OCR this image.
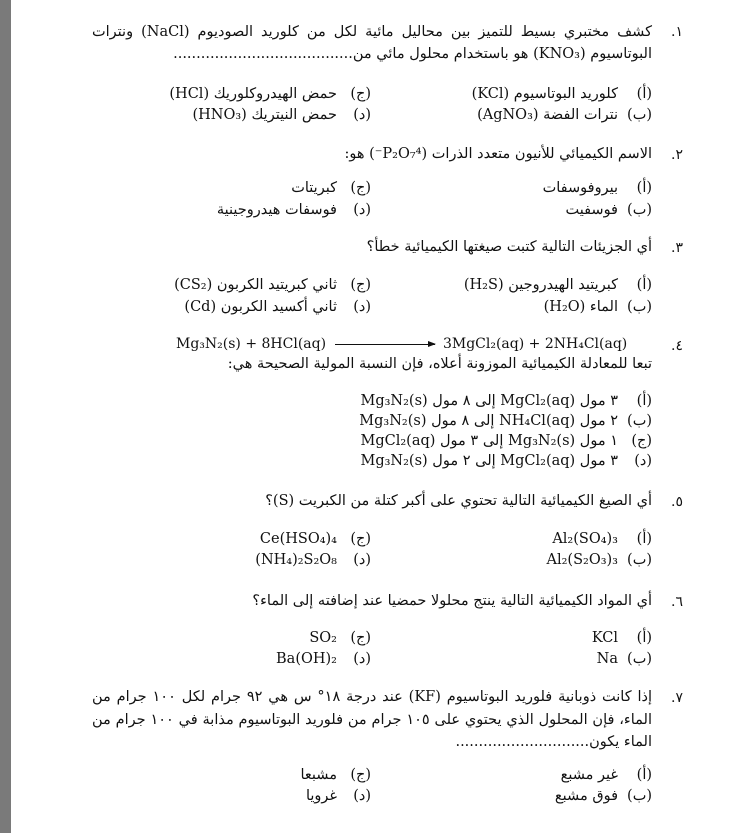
.١
كشف مختبري بسيط للتميز بين محاليل مائية لكل من كلوريد الصوديوم (NaCl) ونترات البوتاسيوم (KNO₃) هو باستخدام محلول مائي من.......................................
(أ)كلوريد البوتاسيوم (KCl)
(ب)نترات الفضة (AgNO₃)
(ج)حمض الهيدروكلوريك (HCl)
(د)حمض النيتريك (HNO₃)
.٢
الاسم الكيميائي للأنيون متعدد الذرات (P₂O₇⁴⁻) هو:
(أ)بيروفوسفات
(ب)فوسفيت
(ج)كبريتات
(د)فوسفات هيدروجينية
.٣
أي الجزيئات التالية كتبت صيغتها الكيميائية خطأ؟
(أ)كبريتيد الهيدروجين (H₂S)
(ب)الماء (H₂O)
(ج)ثاني كبريتيد الكربون (CS₂)
(د)ثاني أكسيد الكربون (Cd)
.٤
Mg₃N₂(s) + 8HCl(aq)	3MgCl₂(aq) + 2NH₄Cl(aq)
تبعا للمعادلة الكيميائية الموزونة أعلاه، فإن النسبة المولية الصحيحة هي:
(أ)٣ مول MgCl₂(aq) إلى ٨ مول Mg₃N₂(s)
(ب)٢ مول NH₄Cl(aq) إلى ٨ مول Mg₃N₂(s)
(ج)١ مول Mg₃N₂(s) إلى ٣ مول MgCl₂(aq)
(د)٣ مول MgCl₂(aq) إلى ٢ مول Mg₃N₂(s)
.٥
أي الصيغ الكيميائية التالية تحتوي على أكبر كتلة من الكبريت (S)؟
(أ)Al₂(SO₄)₃
(ب)Al₂(S₂O₃)₃
(ج)Ce(HSO₄)₄
(د)(NH₄)₂S₂O₈
.٦
أي المواد الكيميائية التالية ينتج محلولا حمضيا عند إضافته إلى الماء؟
(أ)KCl
(ب)Na
(ج)SO₂
(د)Ba(OH)₂
.٧
إذا كانت ذوبانية فلوريد البوتاسيوم (KF) عند درجة ١٨° س هي ٩٢ جرام لكل ١٠٠ جرام من الماء، فإن المحلول الذي يحتوي على ١٠٥ جرام من فلوريد البوتاسيوم مذابة في ١٠٠ جرام من الماء يكون.............................
(أ)غير مشبع
(ب)فوق مشبع
(ج)مشبعا
(د)غرويا
